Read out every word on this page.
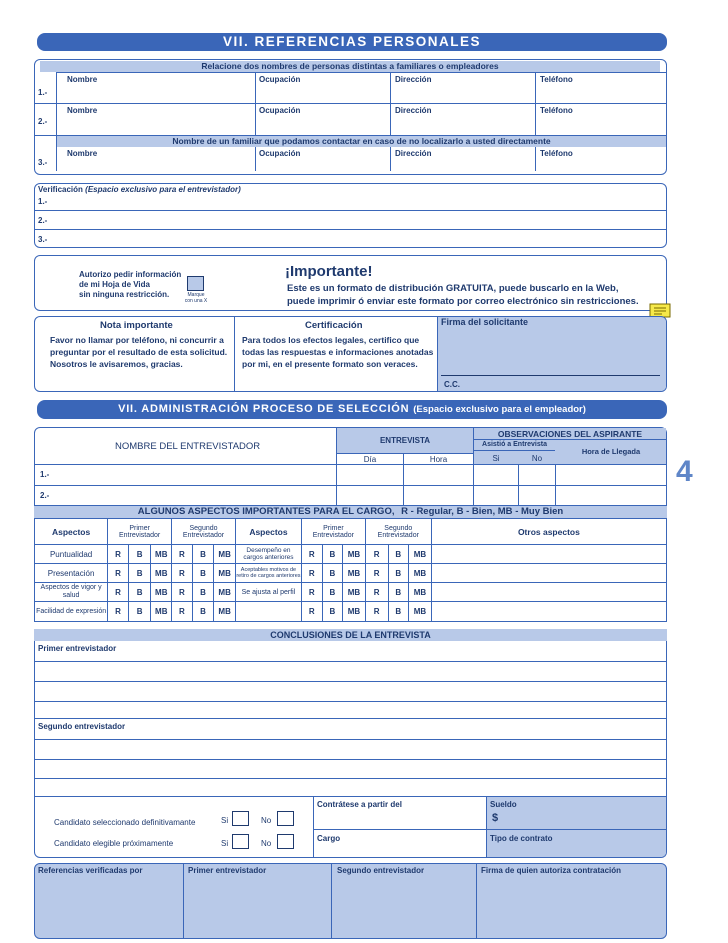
VII. REFERENCIAS PERSONALES
Relacione dos nombres de personas distintas a familiares o empleadores
1.-
Nombre	Ocupación	Dirección	Teléfono
2.-
Nombre	Ocupación	Dirección	Teléfono
Nombre de un familiar que podamos contactar en caso de no localizarlo a usted directamente
3.-
Nombre	Ocupación	Dirección	Teléfono
Verificación (Espacio exclusivo para el entrevistador)
1.-
2.-
3.-
Autorizo pedir información
de mi Hoja de Vida
sin ninguna restricción.	Marque
con una X
¡Importante!
Este es un formato de distribución GRATUITA, puede buscarlo en la Web,
puede imprimir ó enviar este formato por correo electrónico sin restricciones.
Nota importante
Favor no llamar por teléfono, ni concurrir a
preguntar por el resultado de esta solicitud.
Nosotros le avisaremos, gracias.
Certificación
Para todos los efectos legales, certifico que
todas las respuestas e informaciones anotadas
por mi, en el presente formato son veraces.
Firma del solicitante
C.C.
4
VII. ADMINISTRACIÓN PROCESO DE SELECCIÓN (Espacio exclusivo para el empleador)
NOMBRE DEL ENTREVISTADOR
ENTREVISTA
Día	Hora
OBSERVACIONES DEL ASPIRANTE
Asistió a Entrevista
Si	No
Hora de Llegada
1.-
2.-
ALGUNOS ASPECTOS IMPORTANTES PARA EL CARGO, R - Regular, B - Bien, MB - Muy Bien
Aspectos	Primer Entrevistador			Segundo Entrevistador			Aspectos	Primer Entrevistador			Segundo Entrevistador			Otros aspectos
Puntualidad	R	B	MB	R	B	MB	Desempeño en cargos anteriores	R	B	MB	R	B	MB	
Presentación	R	B	MB	R	B	MB	Aceptables motivos de retiro de cargos anteriores	R	B	MB	R	B	MB	
Aspectos de vigor y salud	R	B	MB	R	B	MB	Se ajusta al perfil	R	B	MB	R	B	MB	
Facilidad de expresión	R	B	MB	R	B	MB		R	B	MB	R	B	MB	
CONCLUSIONES DE LA ENTREVISTA
Primer entrevistador
Segundo entrevistador
Candidato seleccionado definitivamante	Si	No
Candidato elegible próximamente	Si	No
Contrátese a partir del	Sueldo
$
Cargo	Tipo de contrato
Referencias verificadas por	Primer entrevistador	Segundo entrevistador	Firma de quien autoriza contratación
